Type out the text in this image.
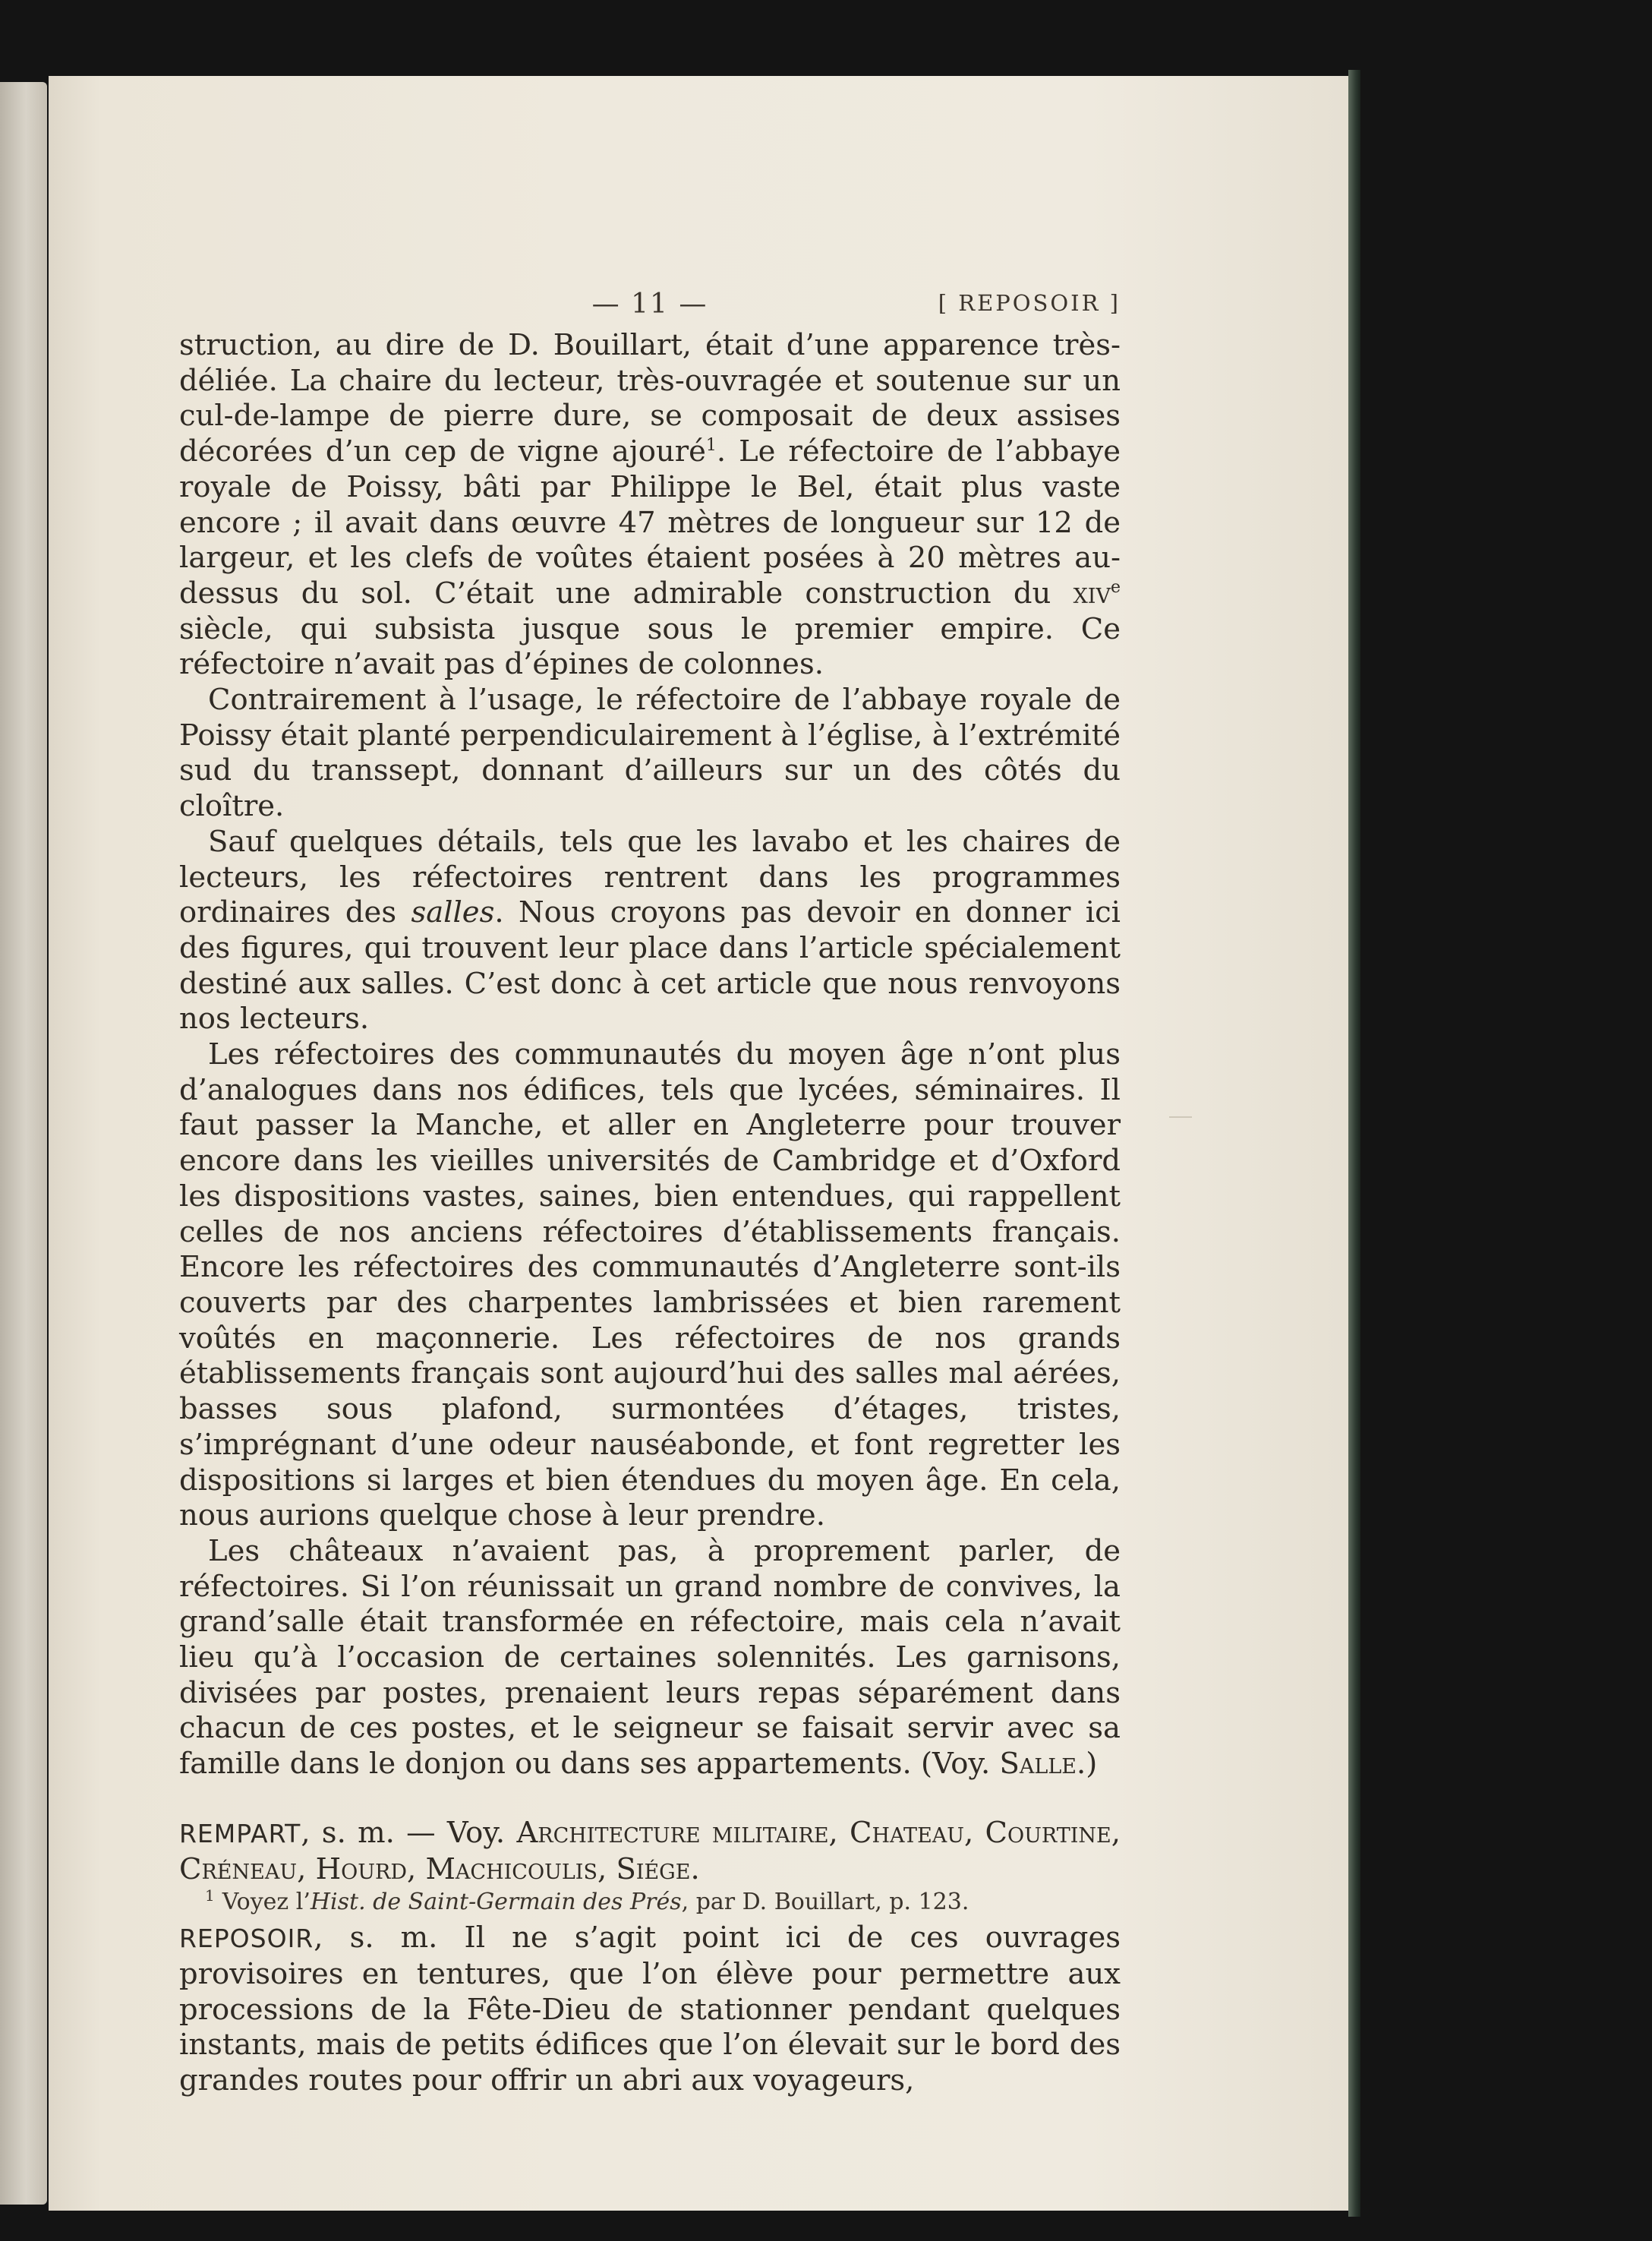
— 11 —	[ REPOSOIR ]

struction, au dire de D. Bouillart, était d’une apparence très-déliée. La chaire du lecteur, très-ouvragée et soutenue sur un cul-de-lampe de pierre dure, se composait de deux assises décorées d’un cep de vigne ajouré$^1$. Le réfectoire de l’abbaye royale de Poissy, bâti par Philippe le Bel, était plus vaste encore ; il avait dans œuvre 47 mètres de longueur sur 12 de largeur, et les clefs de voûtes étaient posées à 20 mètres au-dessus du sol. C’était une admirable construction du xiv$^e$ siècle, qui subsista jusque sous le premier empire. Ce réfectoire n’avait pas d’épines de colonnes.

Contrairement à l’usage, le réfectoire de l’abbaye royale de Poissy était planté perpendiculairement à l’église, à l’extrémité sud du transsept, donnant d’ailleurs sur un des côtés du cloître.

Sauf quelques détails, tels que les lavabo et les chaires de lecteurs, les réfectoires rentrent dans les programmes ordinaires des salles. Nous croyons pas devoir en donner ici des figures, qui trouvent leur place dans l’article spécialement destiné aux salles. C’est donc à cet article que nous renvoyons nos lecteurs.

Les réfectoires des communautés du moyen âge n’ont plus d’analogues dans nos édifices, tels que lycées, séminaires. Il faut passer la Manche, et aller en Angleterre pour trouver encore dans les vieilles universités de Cambridge et d’Oxford les dispositions vastes, saines, bien entendues, qui rappellent celles de nos anciens réfectoires d’établissements français. Encore les réfectoires des communautés d’Angleterre sont-ils couverts par des charpentes lambrissées et bien rarement voûtés en maçonnerie. Les réfectoires de nos grands établissements français sont aujourd’hui des salles mal aérées, basses sous plafond, surmontées d’étages, tristes, s’imprégnant d’une odeur nauséabonde, et font regretter les dispositions si larges et bien étendues du moyen âge. En cela, nous aurions quelque chose à leur prendre.

Les châteaux n’avaient pas, à proprement parler, de réfectoires. Si l’on réunissait un grand nombre de convives, la grand’salle était transformée en réfectoire, mais cela n’avait lieu qu’à l’occasion de certaines solennités. Les garnisons, divisées par postes, prenaient leurs repas séparément dans chacun de ces postes, et le seigneur se faisait servir avec sa famille dans le donjon ou dans ses appartements. (Voy. Salle.)

REMPART, s. m. — Voy. Architecture militaire, Chateau, Courtine, Créneau, Hourd, Machicoulis, Siége.

REPOSOIR, s. m. Il ne s’agit point ici de ces ouvrages provisoires en tentures, que l’on élève pour permettre aux processions de la Fête-Dieu de stationner pendant quelques instants, mais de petits édifices que l’on élevait sur le bord des grandes routes pour offrir un abri aux voyageurs,

$^1$ Voyez l’Hist. de Saint-Germain des Prés, par D. Bouillart, p. 123.
